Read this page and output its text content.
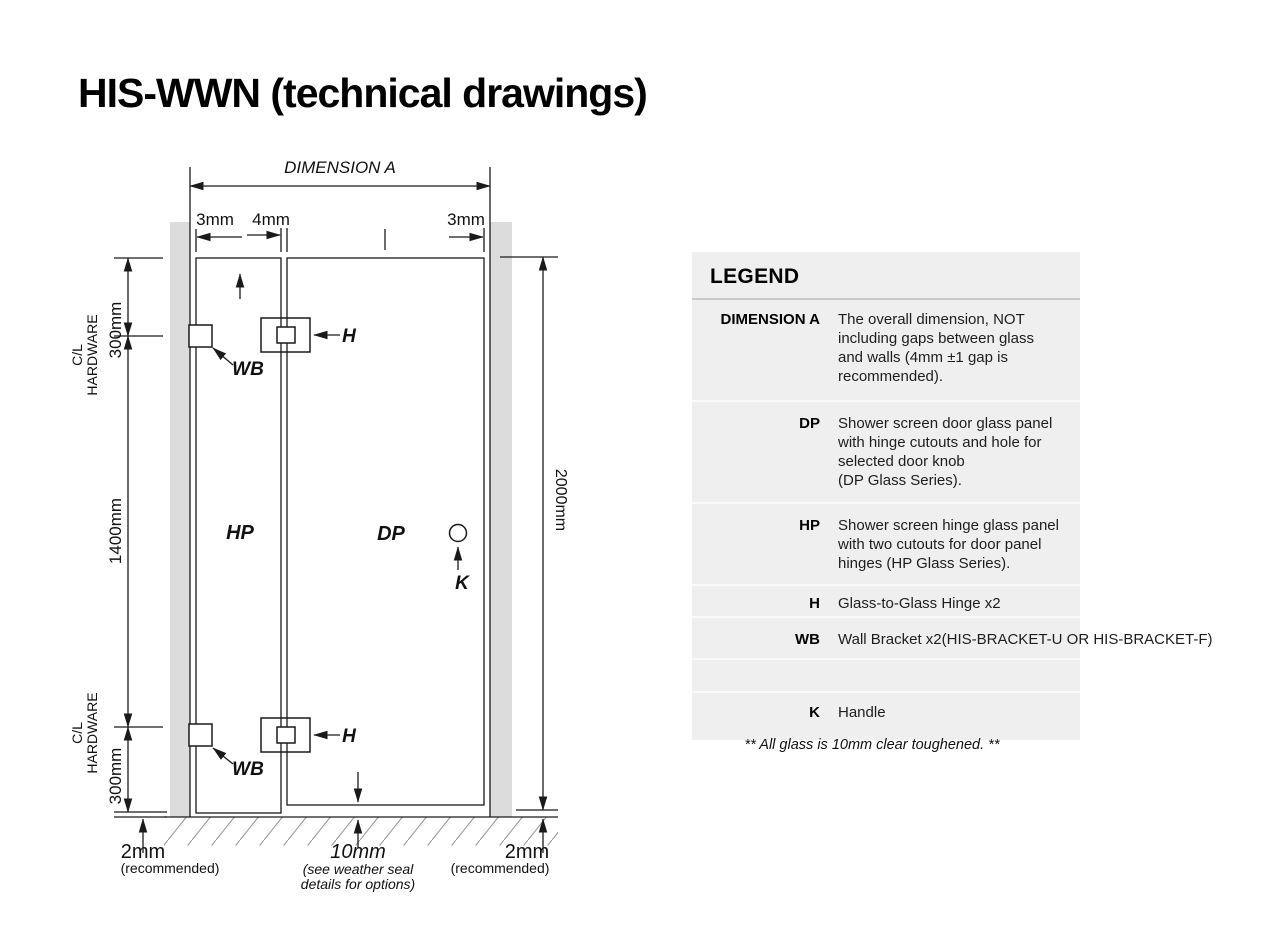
HIS-WWN (technical drawings)
DIMENSION A
3mm 4mm	3mm
C/L HARDWARE 300mm
1400mm
C/L HARDWARE
300mm
2000mm
2mm
(recommended)
10mm
(see weather seal
details for options)
2mm
(recommended)
WB
WB
H
H
HP	DP
K
LEGEND
DIMENSION A The overall dimension, NOT
including gaps between glass
and walls (4mm ±1 gap is
recommended).
DP Shower screen door glass panel
with hinge cutouts and hole for
selected door knob
(DP Glass Series).
HP Shower screen hinge glass panel
with two cutouts for door panel
hinges (HP Glass Series).
H Glass-to-Glass Hinge x2
WB Wall Bracket x2(HIS-BRACKET-U OR HIS-BRACKET-F)
K Handle
** All glass is 10mm clear toughened. **
